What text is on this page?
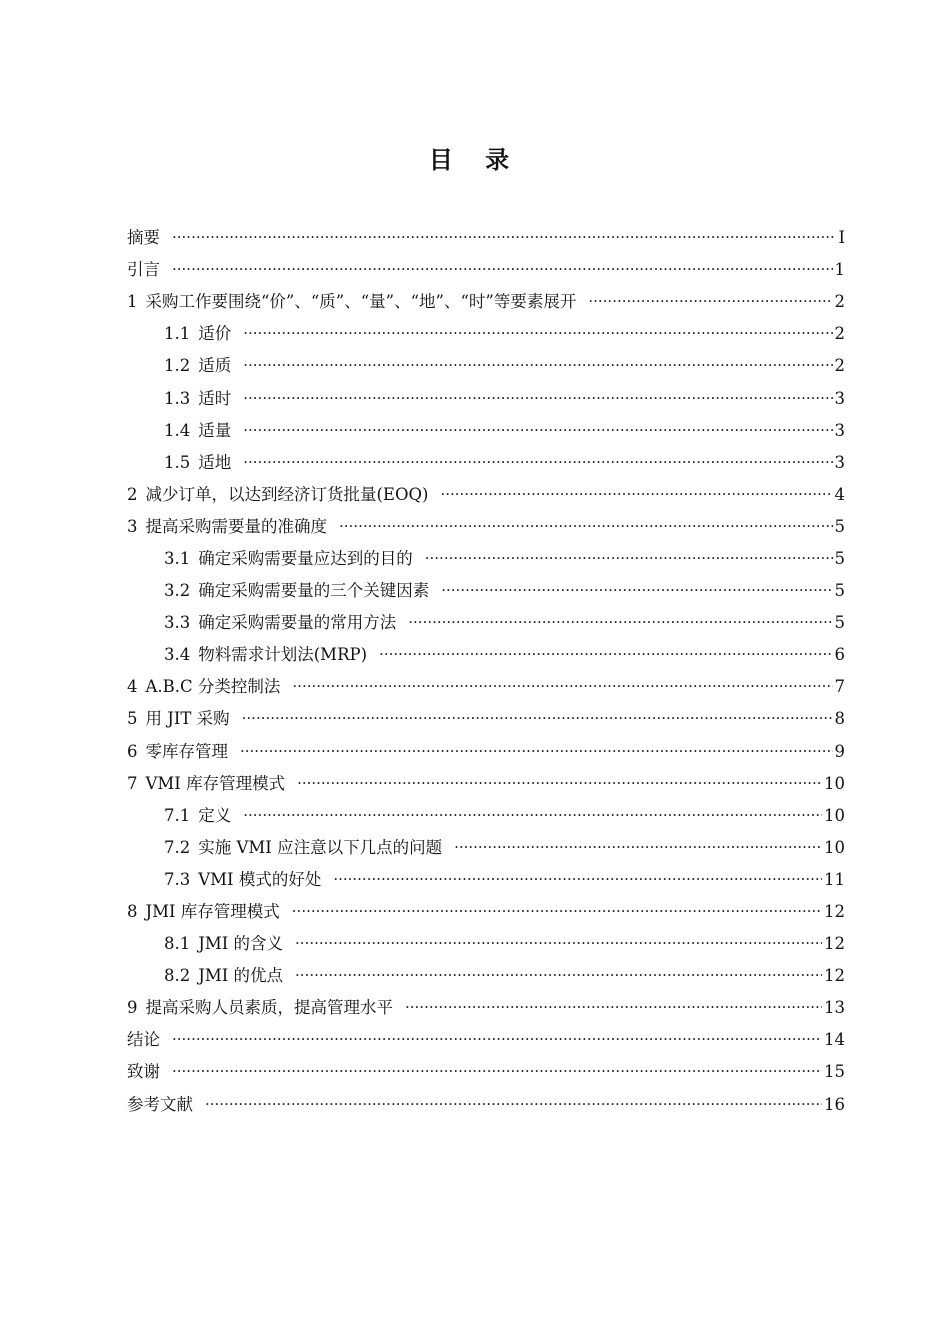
目 录
摘要 ·····	I
引言 ·····	1
1 采购工作要围绕“价”、“质”、“量”、“地”、“时”等要素展开 ·····	2
1.1 适价 ·····	2
1.2 适质 ·····	2
1.3 适时 ·····	3
1.4 适量 ·····	3
1.5 适地 ·····	3
2 减少订单，以达到经济订货批量(EOQ) ·····	4
3 提高采购需要量的准确度 ·····	5
3.1 确定采购需要量应达到的目的 ·····	5
3.2 确定采购需要量的三个关键因素 ·····	5
3.3 确定采购需要量的常用方法 ·····	5
3.4 物料需求计划法(MRP) ·····	6
4 A.B.C 分类控制法 ·····	7
5 用 JIT 采购 ·····	8
6 零库存管理 ·····	9
7 VMI 库存管理模式 ·····	10
7.1 定义 ·····	10
7.2 实施 VMI 应注意以下几点的问题 ·····	10
7.3 VMI 模式的好处 ·····	11
8 JMI 库存管理模式 ·····	12
8.1 JMI 的含义 ·····	12
8.2 JMI 的优点 ·····	12
9 提高采购人员素质，提高管理水平 ·····	13
结论 ·····	14
致谢 ·····	15
参考文献 ·····	16
